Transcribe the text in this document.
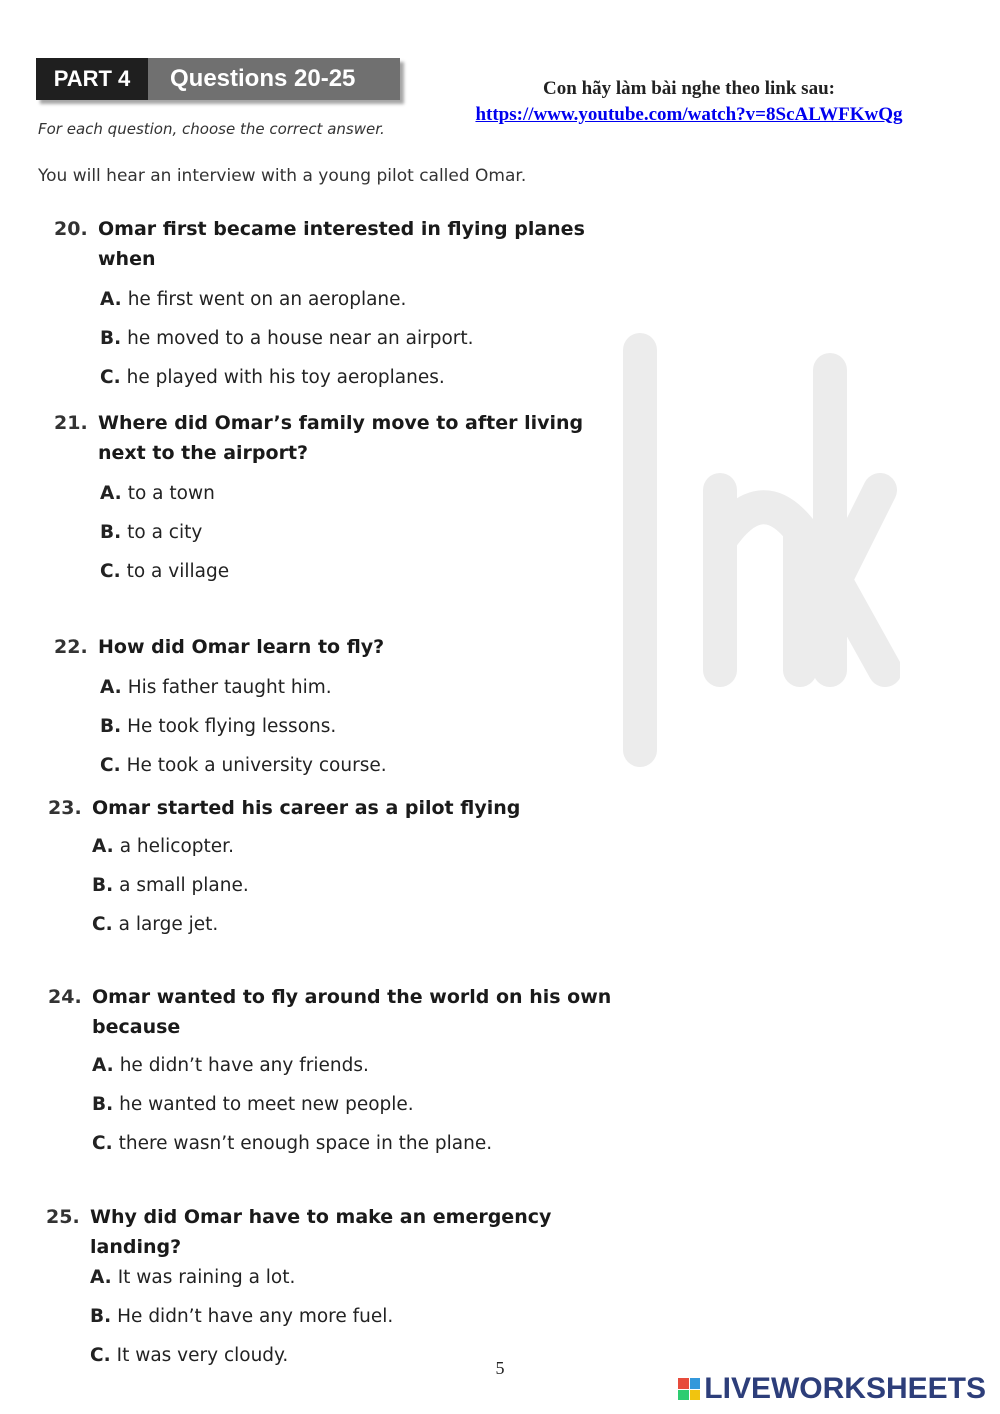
PART 4	Questions 20-25
For each question, choose the correct answer.
You will hear an interview with a young pilot called Omar.
Con hãy làm bài nghe theo link sau:
https://www.youtube.com/watch?v=8ScALWFKwQg
20. Omar first became interested in flying planes when
A. he first went on an aeroplane.
B. he moved to a house near an airport.
C. he played with his toy aeroplanes.
21. Where did Omar’s family move to after living next to the airport?
A. to a town
B. to a city
C. to a village
22. How did Omar learn to fly?
A. His father taught him.
B. He took flying lessons.
C. He took a university course.
23. Omar started his career as a pilot flying
A. a helicopter.
B. a small plane.
C. a large jet.
24. Omar wanted to fly around the world on his own because
A. he didn’t have any friends.
B. he wanted to meet new people.
C. there wasn’t enough space in the plane.
25. Why did Omar have to make an emergency landing?
A. It was raining a lot.
B. He didn’t have any more fuel.
C. It was very cloudy.
5
LIVEWORKSHEETS
